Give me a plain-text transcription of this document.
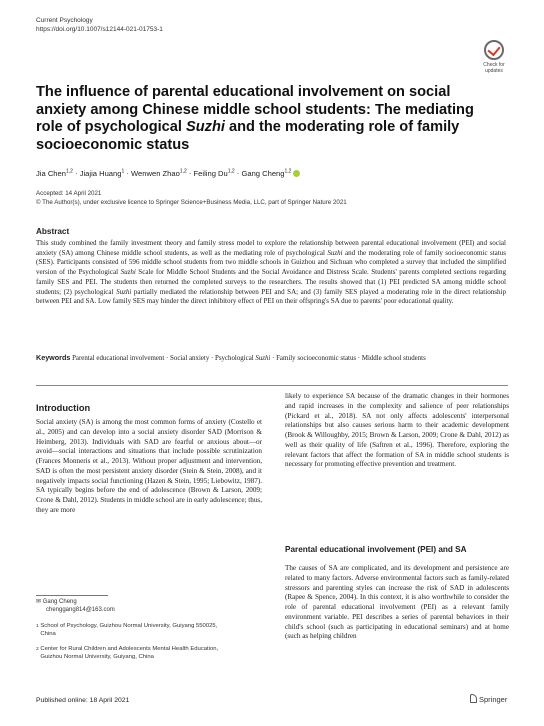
Current Psychology
https://doi.org/10.1007/s12144-021-01753-1
Check for updates
The influence of parental educational involvement on social anxiety among Chinese middle school students: The mediating role of psychological Suzhi and the moderating role of family socioeconomic status
Jia Chen$^{1,2}$ · Jiajia Huang$^1$ · Wenwen Zhao$^{1,2}$ · Feiling Du$^{1,2}$ · Gang Cheng$^{1,2}$
Accepted: 14 April 2021
© The Author(s), under exclusive licence to Springer Science+Business Media, LLC, part of Springer Nature 2021
Abstract
This study combined the family investment theory and family stress model to explore the relationship between parental educational involvement (PEI) and social anxiety (SA) among Chinese middle school students, as well as the mediating role of psychological Suzhi and the moderating role of family socioeconomic status (SES). Participants consisted of 596 middle school students from two middle schools in Guizhou and Sichuan who completed a survey that included the simplified version of the Psychological Suzhi Scale for Middle School Students and the Social Avoidance and Distress Scale. Students' parents completed sections regarding family SES and PEI. The students then returned the completed surveys to the researchers. The results showed that (1) PEI predicted SA among middle school students; (2) psychological Suzhi partially mediated the relationship between PEI and SA; and (3) family SES played a moderating role in the direct relationship between PEI and SA. Low family SES may hinder the direct inhibitory effect of PEI on their offspring's SA due to parents' poor educational quality.
Keywords Parental educational involvement · Social anxiety · Psychological Suzhi · Family socioeconomic status · Middle school students
Introduction
Social anxiety (SA) is among the most common forms of anxiety (Costello et al., 2005) and can develop into a social anxiety disorder SAD (Morrison & Heimberg, 2013). Individuals with SAD are fearful or anxious about—or avoid—social interactions and situations that include possible scrutinization (Frances Monneris et al., 2013). Without proper adjustment and intervention, SAD is often the most persistent anxiety disorder (Stein & Stein, 2008), and it negatively impacts social functioning (Hazen & Stein, 1995; Liebowitz, 1987). SA typically begins before the end of adolescence (Brown & Larson, 2009; Crone & Dahl, 2012). Students in middle school are in early adolescence; thus, they are more
likely to experience SA because of the dramatic changes in their hormones and rapid increases in the complexity and salience of peer relationships (Pickard et al., 2018). SA not only affects adolescents' interpersonal relationships but also causes serious harm to their academic development (Brook & Willoughby, 2015; Brown & Larson, 2009; Crone & Dahl, 2012) as well as their quality of life (Saftren et al., 1996). Therefore, exploring the relevant factors that affect the formation of SA in middle school students is necessary for promoting effective prevention and treatment.
Parental educational involvement (PEI) and SA
The causes of SA are complicated, and its development and persistence are related to many factors. Adverse environmental factors such as family-related stressors and parenting styles can increase the risk of SAD in adolescents (Rapee & Spence, 2004). In this context, it is also worthwhile to consider the role of parental educational involvement (PEI) as a relevant family environment variable. PEI describes a series of parental behaviors in their child's school (such as participating in educational seminars) and at home (such as helping children
✉ Gang Cheng
chenggang814@163.com
$^1$ School of Psychology, Guizhou Normal University, Guiyang 550025, China
$^2$ Center for Rural Children and Adolescents Mental Health Education, Guizhou Normal University, Guiyang, China
Published online: 18 April 2021	Springer
